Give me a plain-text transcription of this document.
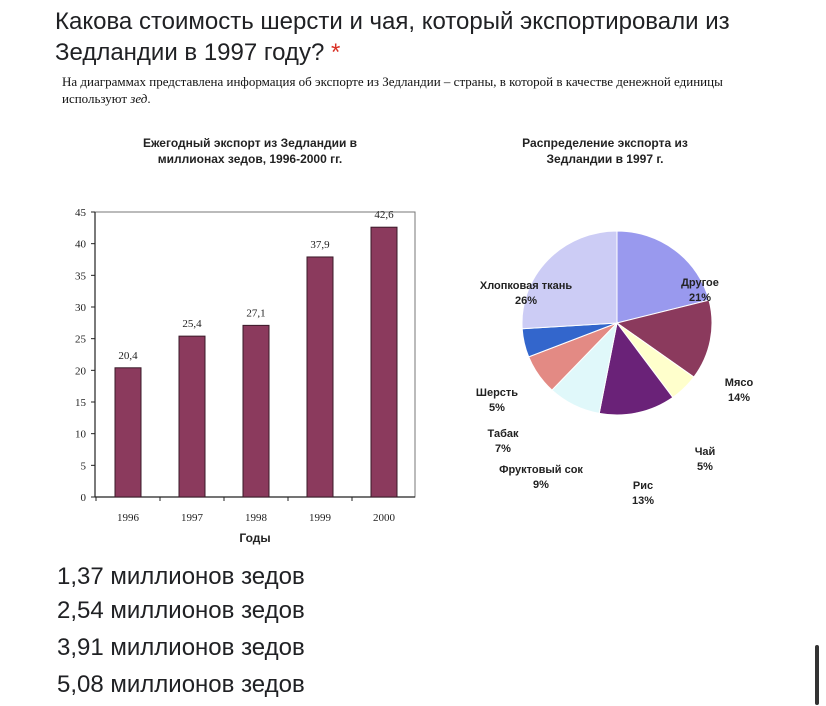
Какова стоимость шерсти и чая, который экспортировали из Зедландии в 1997 году? *
На диаграммах представлена информация об экспорте из Зедландии – страны, в которой в качестве денежной единицы используют зед.
Ежегодный экспорт из Зедландии в
миллионах зедов, 1996-2000 гг.
0
5
10
15
20
25
30
35
40
45
20,4
1996
25,4
1997
27,1
1998
37,9
1999
42,6
2000
Годы
Распределение экспорта из
Зедландии в 1997 г.
Хлопковая ткань
26%
Другое
21%
Мясо
14%
Шерсть
5%
Табак
7%	Чай
5%
Фруктовый сок
9%	Рис
13%

1,37 миллионов зедов

2,54 миллионов зедов

3,91 миллионов зедов

5,08 миллионов зедов
